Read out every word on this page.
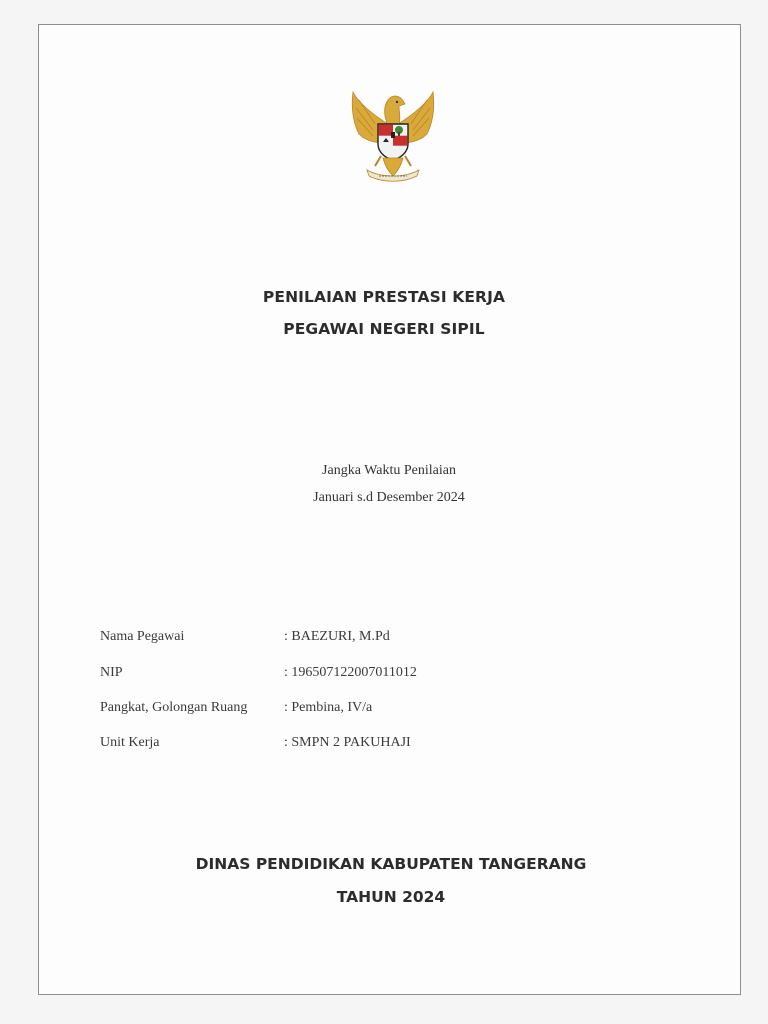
PENILAIAN PRESTASI KERJA
PEGAWAI NEGERI SIPIL
Jangka Waktu Penilaian
Januari s.d Desember 2024
Nama Pegawai	: BAEZURI, M.Pd
NIP	: 196507122007011012
Pangkat, Golongan Ruang	: Pembina, IV/a
Unit Kerja	: SMPN 2 PAKUHAJI
DINAS PENDIDIKAN KABUPATEN TANGERANG
TAHUN 2024
